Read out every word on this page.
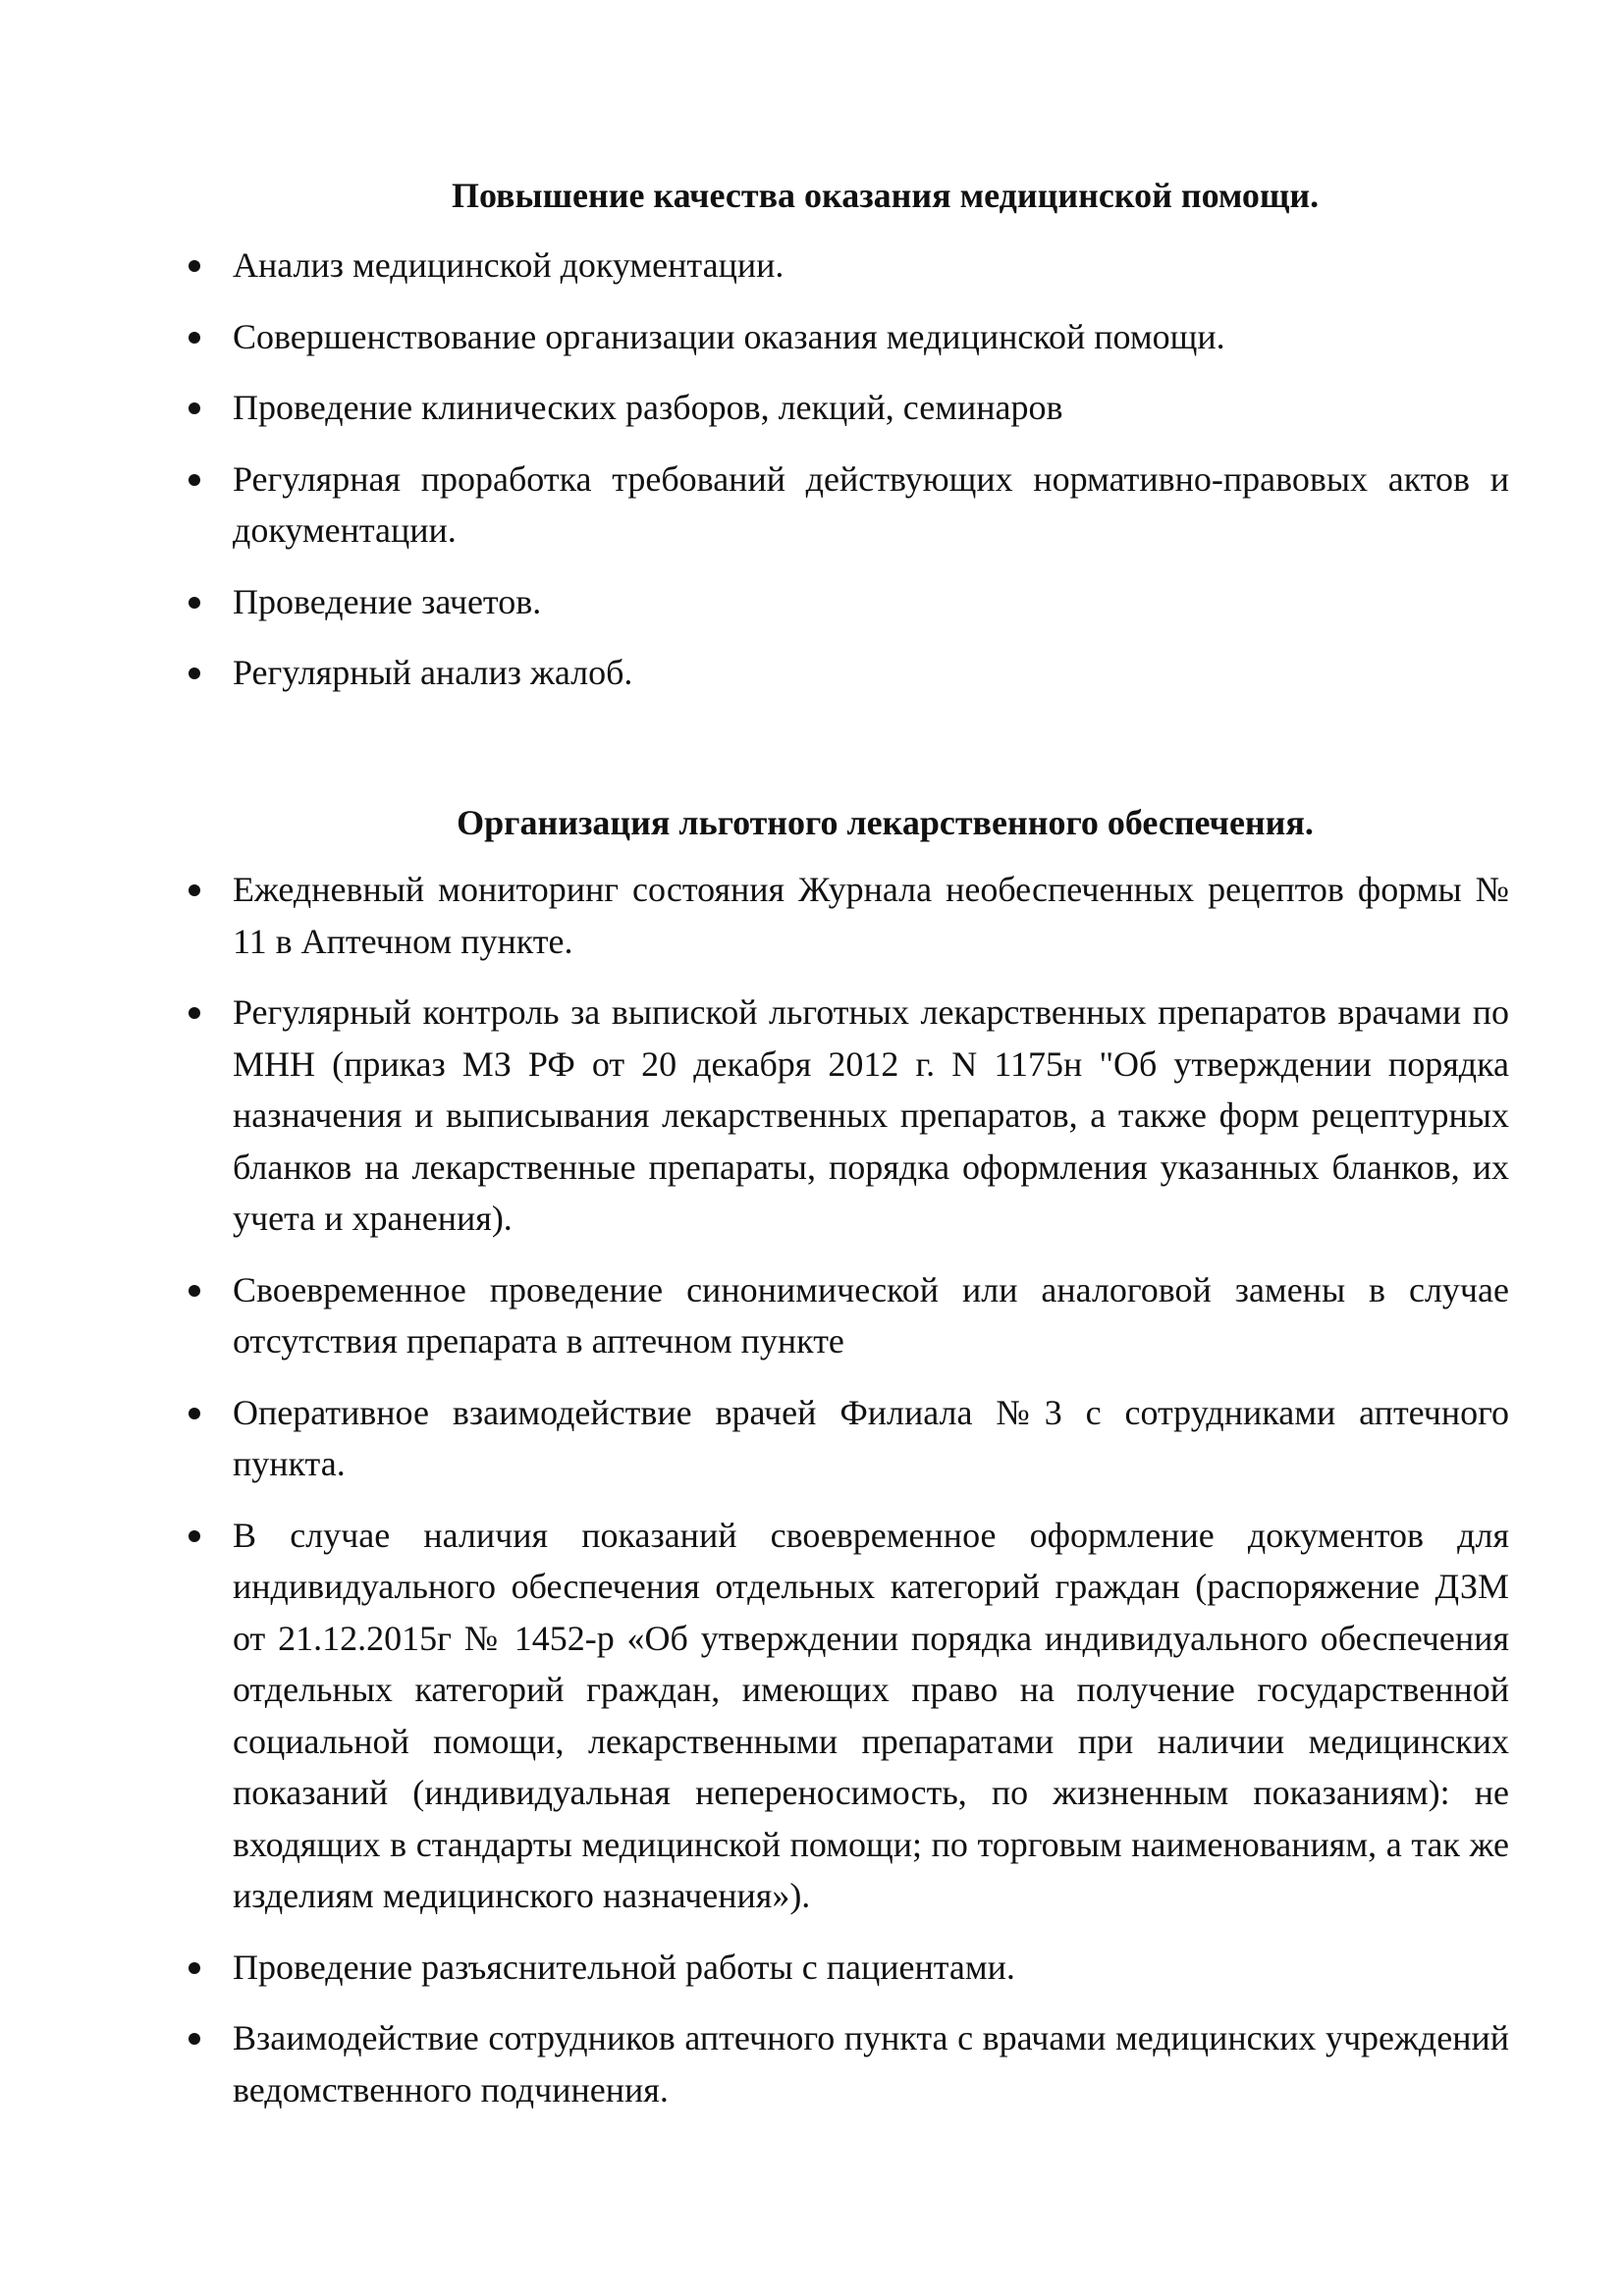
Повышение качества оказания медицинской помощи.
Анализ медицинской документации.
Совершенствование организации оказания медицинской помощи.
Проведение клинических разборов, лекций, семинаров
Регулярная проработка требований действующих нормативно-правовых актов и документации.
Проведение зачетов.
Регулярный анализ жалоб.
Организация льготного лекарственного обеспечения.
Ежедневный мониторинг состояния Журнала необеспеченных рецептов формы № 11 в Аптечном пункте.
Регулярный контроль за выпиской льготных лекарственных препаратов врачами по МНН (приказ МЗ РФ от 20 декабря 2012 г. N 1175н "Об утверждении порядка назначения и выписывания лекарственных препаратов, а также форм рецептурных бланков на лекарственные препараты, порядка оформления указанных бланков, их учета и хранения).
Своевременное проведение синонимической или аналоговой замены в случае отсутствия препарата в аптечном пункте
Оперативное взаимодействие врачей Филиала №3 с сотрудниками аптечного пункта.
В случае наличия показаний своевременное оформление документов для индивидуального обеспечения отдельных категорий граждан (распоряжение ДЗМ от 21.12.2015г № 1452-р «Об утверждении порядка индивидуального обеспечения отдельных категорий граждан, имеющих право на получение государственной социальной помощи, лекарственными препаратами при наличии медицинских показаний (индивидуальная непереносимость, по жизненным показаниям): не входящих в стандарты медицинской помощи; по торговым наименованиям, а так же изделиям медицинского назначения»).
Проведение разъяснительной работы с пациентами.
Взаимодействие сотрудников аптечного пункта с врачами медицинских учреждений ведомственного подчинения.
